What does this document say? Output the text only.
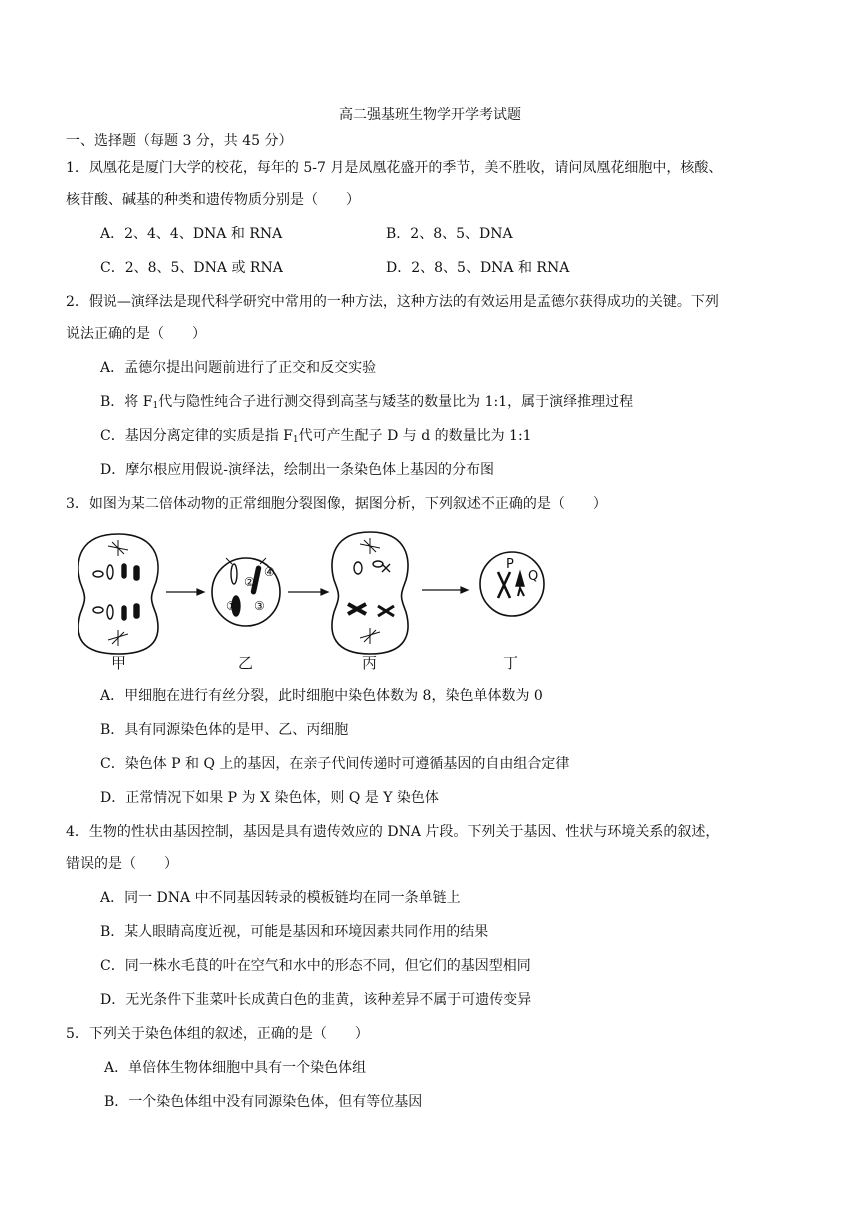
高二强基班生物学开学考试题
一、选择题（每题 3 分，共 45 分）
1．凤凰花是厦门大学的校花，每年的 5-7 月是凤凰花盛开的季节，美不胜收，请问凤凰花细胞中，核酸、
核苷酸、碱基的种类和遗传物质分别是（　　）
A．2、4、4、DNA 和 RNA	B．2、8、5、DNA
C．2、8、5、DNA 或 RNA	D．2、8、5、DNA 和 RNA
2．假说—演绎法是现代科学研究中常用的一种方法，这种方法的有效运用是孟德尔获得成功的关键。下列
说法正确的是（　　）
A．孟德尔提出问题前进行了正交和反交实验
B．将 $F_1$代与隐性纯合子进行测交得到高茎与矮茎的数量比为 1:1，属于演绎推理过程
C．基因分离定律的实质是指 $F_1$代可产生配子 D 与 d 的数量比为 1:1
D．摩尔根应用假说-演绎法，绘制出一条染色体上基因的分布图
3．如图为某二倍体动物的正常细胞分裂图像，据图分析，下列叙述不正确的是（　　）
①
②
③
④	P
Q
甲	乙	丙	丁
A．甲细胞在进行有丝分裂，此时细胞中染色体数为 8，染色单体数为 0
B．具有同源染色体的是甲、乙、丙细胞
C．染色体 P 和 Q 上的基因，在亲子代间传递时可遵循基因的自由组合定律
D．正常情况下如果 P 为 X 染色体，则 Q 是 Y 染色体
4．生物的性状由基因控制，基因是具有遗传效应的 DNA 片段。下列关于基因、性状与环境关系的叙述，
错误的是（　　）
A．同一 DNA 中不同基因转录的模板链均在同一条单链上
B．某人眼睛高度近视，可能是基因和环境因素共同作用的结果
C．同一株水毛茛的叶在空气和水中的形态不同，但它们的基因型相同
D．无光条件下韭菜叶长成黄白色的韭黄，该种差异不属于可遗传变异
5．下列关于染色体组的叙述，正确的是（　　）
A．单倍体生物体细胞中具有一个染色体组
B．一个染色体组中没有同源染色体，但有等位基因
